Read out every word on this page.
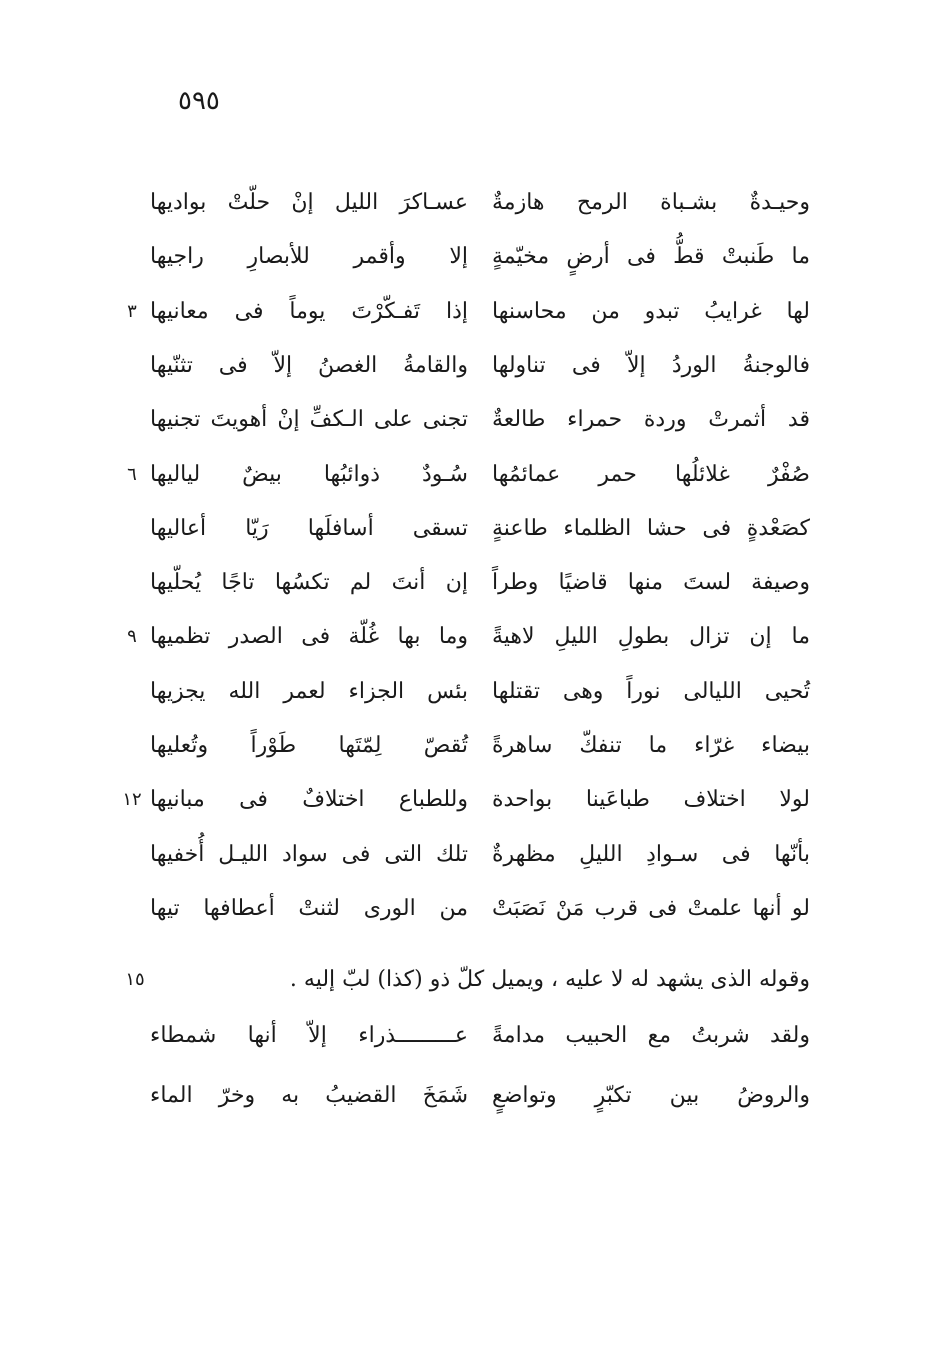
٥٩٥
وحيـدةٌ بشـباة الرمح هازمةٌ
عسـاكرَ الليل إنْ حلّتْ بواديها
ما طَنبتْ قطُّ فى أرضٍ مخيّمةٍ
إلا وأقمر للأبصارِ راجيها
لها غرايبُ تبدو من محاسنها
إذا تَفـكّرْتَ يوماً فى معانيها
٣
فالوجنةُ الوردُ إلاّ فى تناولها
والقامةُ الغصنُ إلاّ فى تثنّيها
قد أثمرتْ وردة حمراء طالعةٌ
تجنى على الـكفِّ إنْ أهويتَ تجنيها
صُفْرٌ غلائلُها حمر عمائمُها
سُـودٌ ذوائبُها بيضٌ لياليها
٦
كصَعْدةٍ فى حشا الظلماء طاعنةٍ
تسقى أسافلَها رَيّا أعاليها
وصيفة لستَ منها قاضيًا وطراً
إن أنتَ لم تكسُها تاجًا يُحلّيها
ما إن تزال بطولِ الليلِ لاهيةً
وما بها غُلّة فى الصدر تظميها
٩
تُحيى الليالى نوراً وهى تقتلها
بئس الجزاء لعمر الله يجزيها
بيضاء غرّاء ما تنفكّ ساهرةً
تُقصّ لِمّتَها طَوْراً وتُعليها
لولا اختلاف طباعَينا بواحدة
وللطباع اختلافٌ فى مبانيها
١٢
بأنّها فى سـوادِ الليلِ مظهرةٌ
تلك التى فى سواد الليـل أُخفيها
لو أنها علمتْ فى قرب مَنْ نَصَبَتْ
من الورى لثنتْ أعطافها تيها
وقوله الذى يشهد له لا عليه ، ويميل كلّ ذو (كذا) لبّ إليه .
١٥
ولقد شربتُ مع الحبيب مدامةً
عـــــــــذراء إلاّ أنها شمطاء
والروضُ بين تكبّرٍ وتواضعٍ
شَمَخَ القضيبُ به وخرّ الماء
